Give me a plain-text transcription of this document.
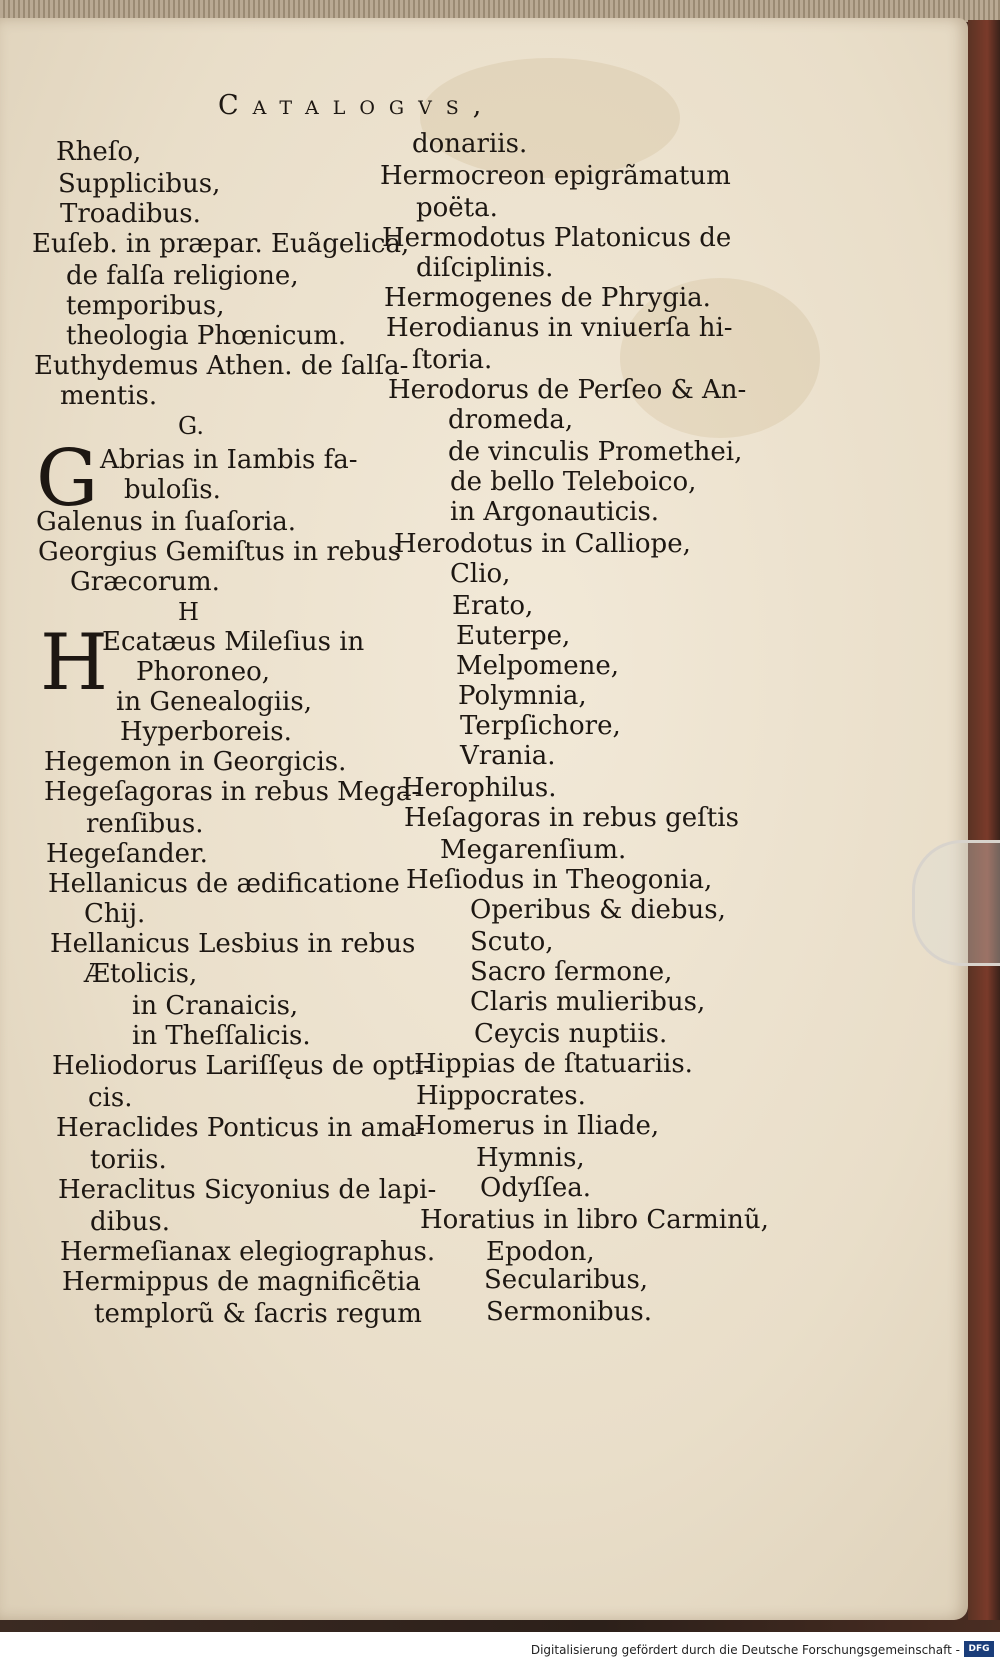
Catalogvs,
Rheſo,
Supplicibus,
Troadibus.
Euſeb. in præpar. Euãgelica,
de falſa religione,
temporibus,
theologia Phœnicum.
Euthydemus Athen. de ſalſa-
mentis.
G.
G Abrias in Iambis fa-
buloſis.
Galenus in ſuaſoria.
Georgius Gemiſtus in rebus
Græcorum.
H
H
Ecatæus Mileſius in
Phoroneo,
in Genealogiis,
Hyperboreis.
Hegemon in Georgicis.
Hegeſagoras in rebus Mega-
renſibus.
Hegeſander.
Hellanicus de ædificatione
Chij.
Hellanicus Lesbius in rebus
Ætolicis,
in Cranaicis,
in Theſſalicis.
Heliodorus Lariſſęus de opti-
cis.
Heraclides Ponticus in ama-
toriis.
Heraclitus Sicyonius de lapi-
dibus.
Hermeſianax elegiographus.
Hermippus de magnificẽtia
templorũ & ſacris regum
donariis.
Hermocreon epigrãmatum
poëta.
Hermodotus Platonicus de
diſciplinis.
Hermogenes de Phrygia.
Herodianus in vniuerſa hi-
ſtoria.
Herodorus de Perſeo & An-
dromeda,
de vinculis Promethei,
de bello Teleboico,
in Argonauticis.
Herodotus in Calliope,
Clio,
Erato,
Euterpe,
Melpomene,
Polymnia,
Terpſichore,
Vrania.
Herophilus.
Heſagoras in rebus geſtis
Megarenſium.
Heſiodus in Theogonia,
Operibus & diebus,
Scuto,
Sacro ſermone,
Claris mulieribus,
Ceycis nuptiis.
Hippias de ſtatuariis.
Hippocrates.
Homerus in Iliade,
Hymnis,
Odyſſea.
Horatius in libro Carminũ,
Epodon,
Secularibus,
Sermonibus.
Digitalisierung gefördert durch die Deutsche Forschungsgemeinschaft - DFG
